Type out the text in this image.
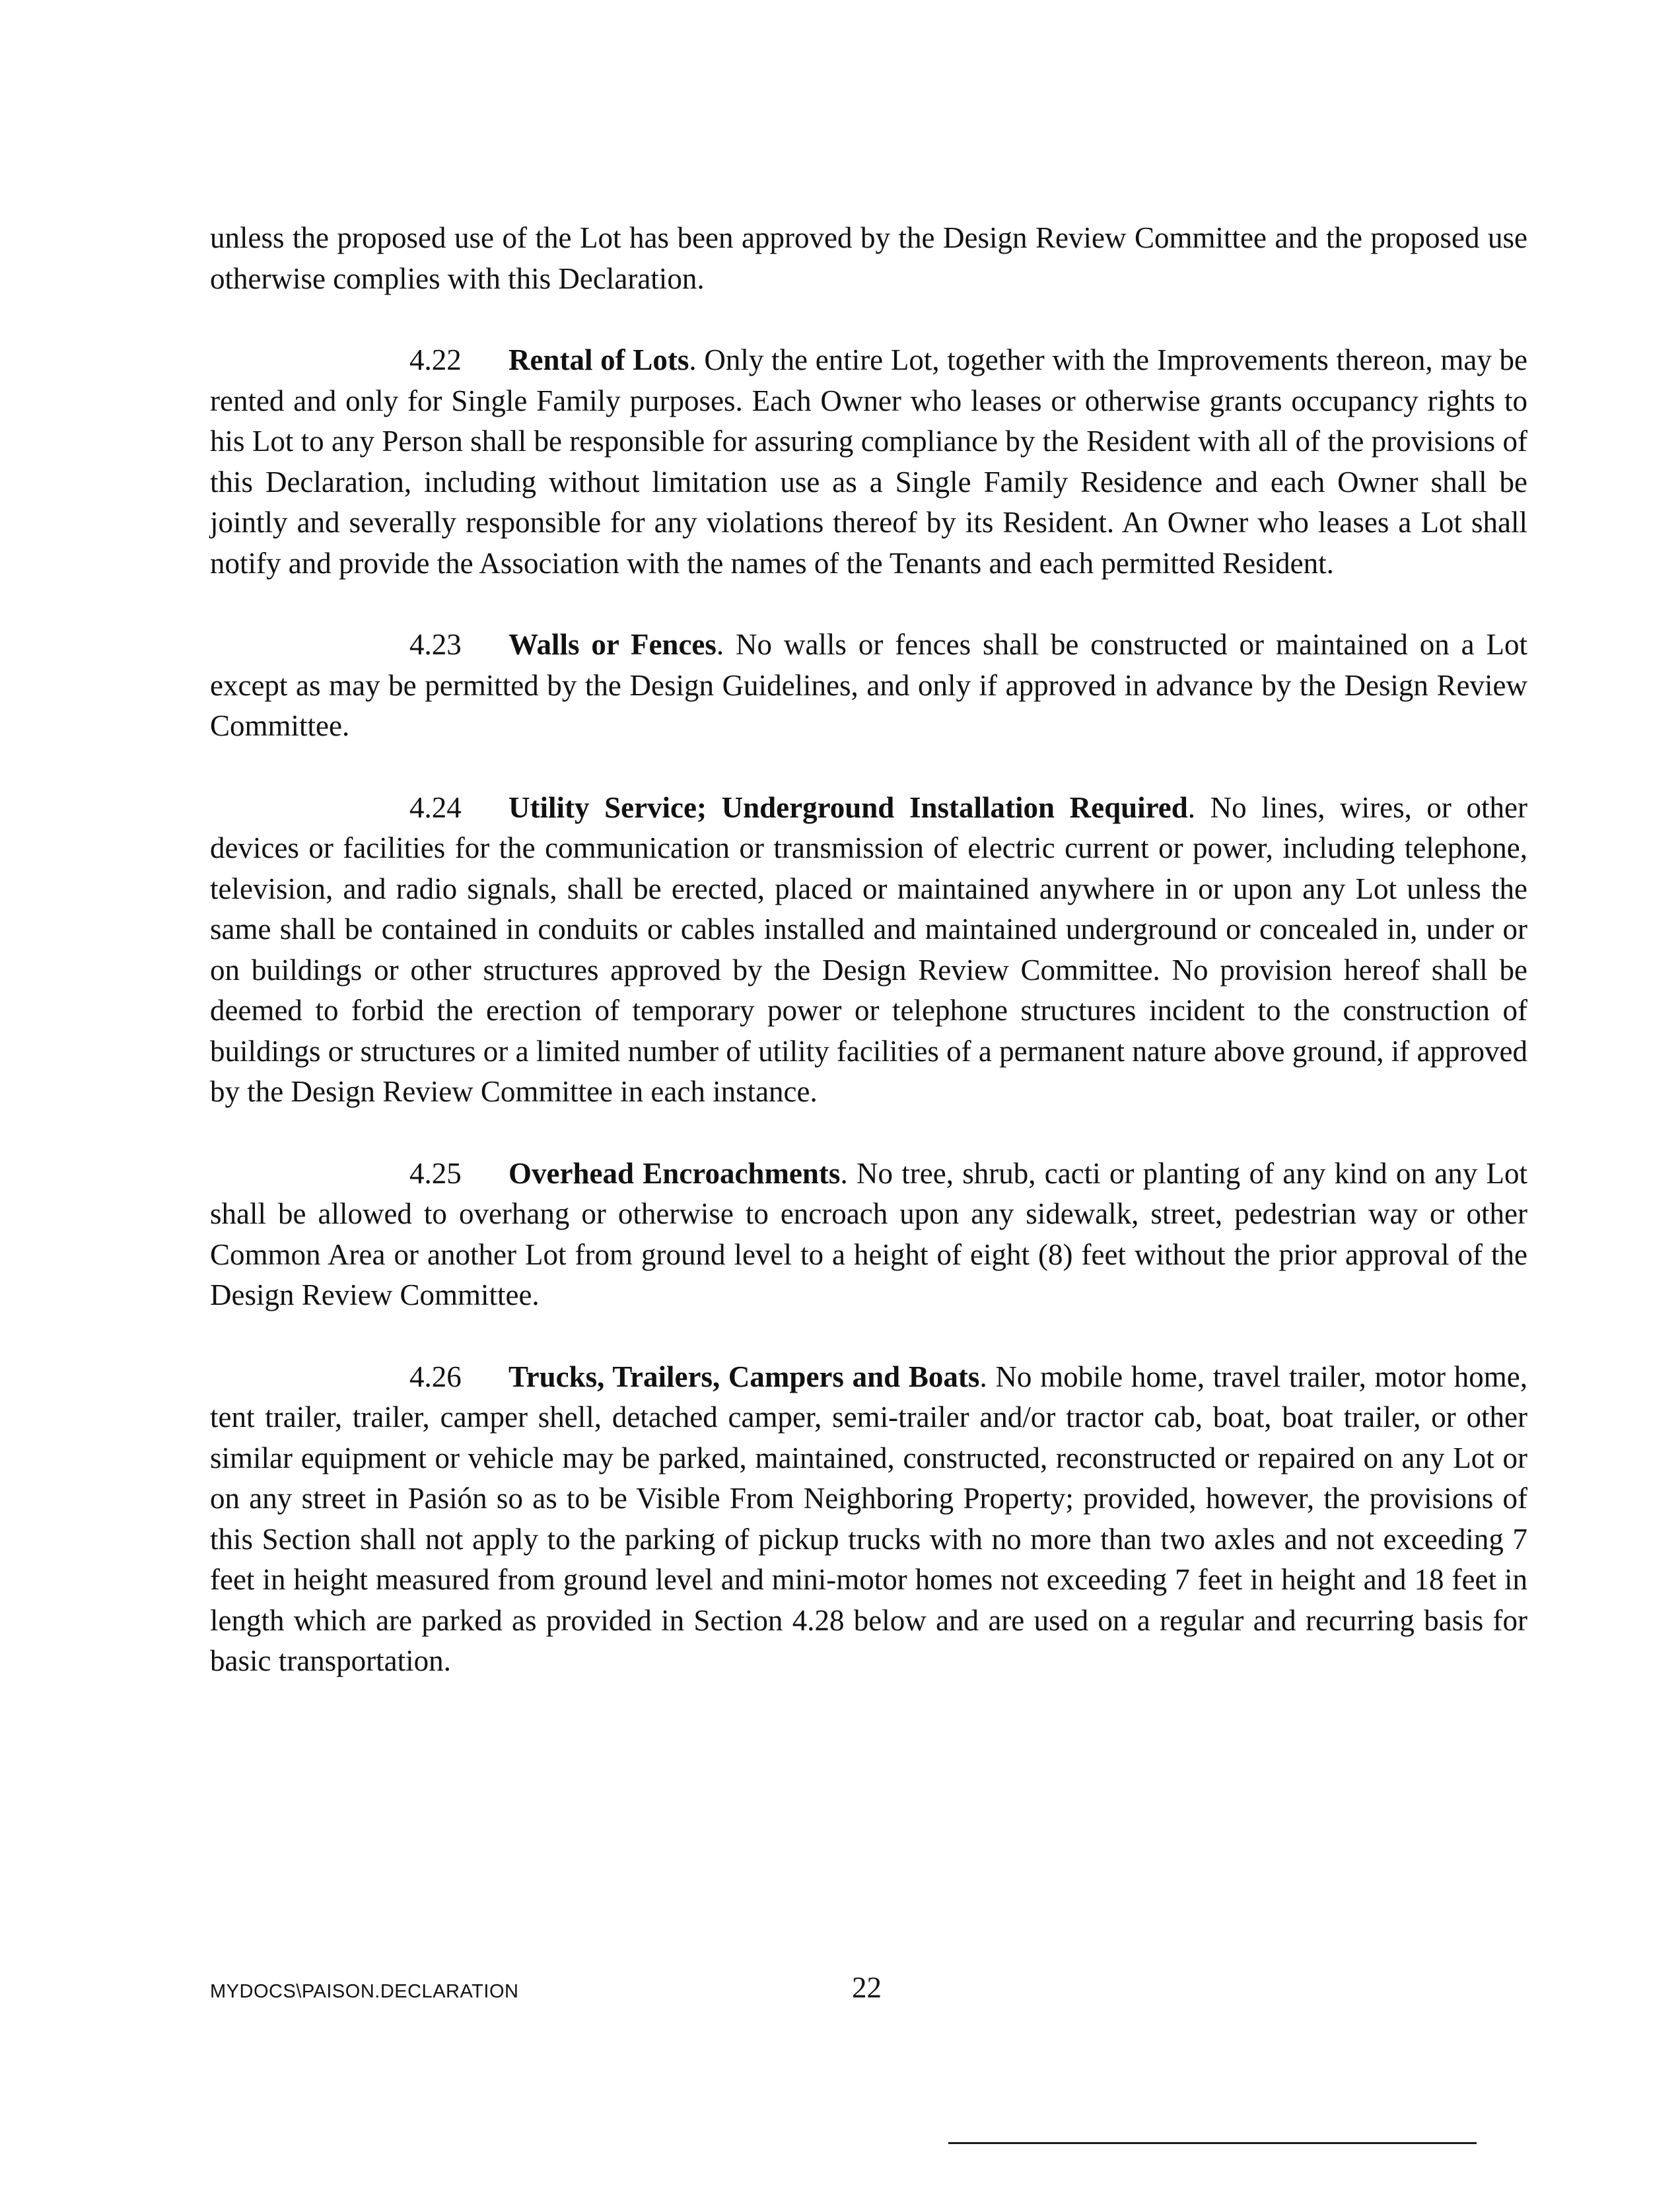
unless the proposed use of the Lot has been approved by the Design Review Committee and the proposed use otherwise complies with this Declaration.

4.22 Rental of Lots. Only the entire Lot, together with the Improvements thereon, may be rented and only for Single Family purposes. Each Owner who leases or otherwise grants occupancy rights to his Lot to any Person shall be responsible for assuring compliance by the Resident with all of the provisions of this Declaration, including without limitation use as a Single Family Residence and each Owner shall be jointly and severally responsible for any violations thereof by its Resident. An Owner who leases a Lot shall notify and provide the Association with the names of the Tenants and each permitted Resident.

4.23 Walls or Fences. No walls or fences shall be constructed or maintained on a Lot except as may be permitted by the Design Guidelines, and only if approved in advance by the Design Review Committee.

4.24 Utility Service; Underground Installation Required. No lines, wires, or other devices or facilities for the communication or transmission of electric current or power, including telephone, television, and radio signals, shall be erected, placed or maintained anywhere in or upon any Lot unless the same shall be contained in conduits or cables installed and maintained underground or concealed in, under or on buildings or other structures approved by the Design Review Committee. No provision hereof shall be deemed to forbid the erection of temporary power or telephone structures incident to the construction of buildings or structures or a limited number of utility facilities of a permanent nature above ground, if approved by the Design Review Committee in each instance.

4.25 Overhead Encroachments. No tree, shrub, cacti or planting of any kind on any Lot shall be allowed to overhang or otherwise to encroach upon any sidewalk, street, pedestrian way or other Common Area or another Lot from ground level to a height of eight (8) feet without the prior approval of the Design Review Committee.

4.26 Trucks, Trailers, Campers and Boats. No mobile home, travel trailer, motor home, tent trailer, trailer, camper shell, detached camper, semi-trailer and/or tractor cab, boat, boat trailer, or other similar equipment or vehicle may be parked, maintained, constructed, reconstructed or repaired on any Lot or on any street in Pasión so as to be Visible From Neighboring Property; provided, however, the provisions of this Section shall not apply to the parking of pickup trucks with no more than two axles and not exceeding 7 feet in height measured from ground level and mini-motor homes not exceeding 7 feet in height and 18 feet in length which are parked as provided in Section 4.28 below and are used on a regular and recurring basis for basic transportation.

MYDOCS\PAISON.DECLARATION	22
